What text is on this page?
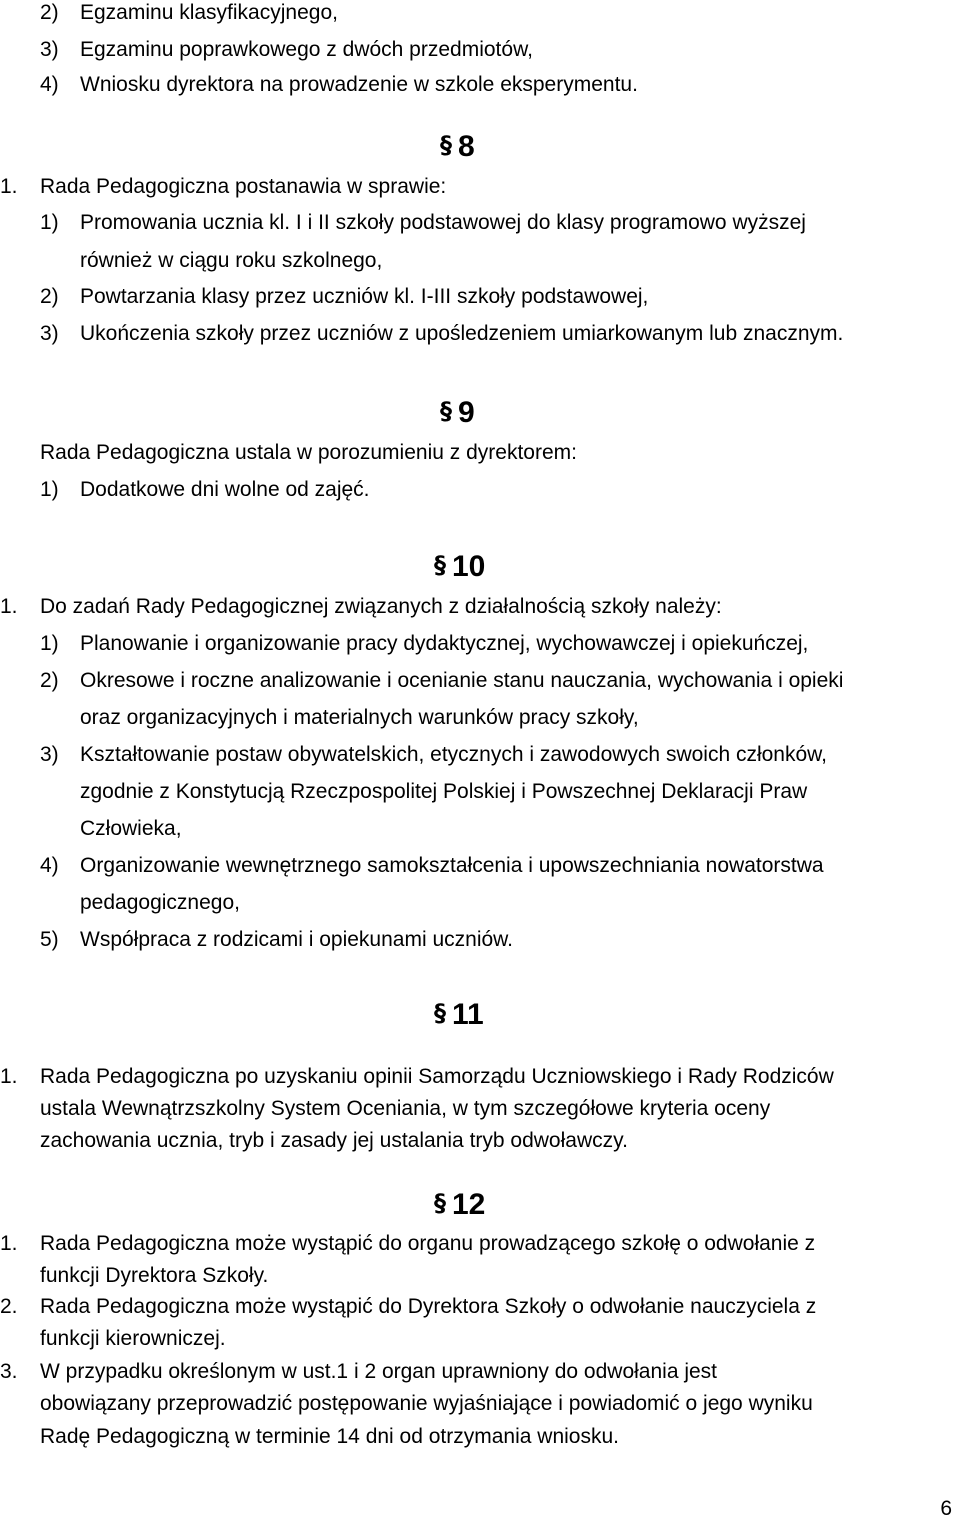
2) Egzaminu klasyfikacyjnego,
3) Egzaminu poprawkowego z dwóch przedmiotów,
4) Wniosku dyrektora na prowadzenie w szkole eksperymentu.
§ 8
1. Rada Pedagogiczna postanawia w sprawie:
1) Promowania ucznia kl. I i II szkoły podstawowej do klasy programowo wyższej
również w ciągu roku szkolnego,
2) Powtarzania klasy przez uczniów kl. I-III szkoły podstawowej,
3) Ukończenia szkoły przez uczniów z upośledzeniem umiarkowanym lub znacznym.
§ 9
Rada Pedagogiczna ustala w porozumieniu z dyrektorem:
1) Dodatkowe dni wolne od zajęć.
§ 10
1. Do zadań Rady Pedagogicznej związanych z działalnością szkoły należy:
1) Planowanie i organizowanie pracy dydaktycznej, wychowawczej i opiekuńczej,
2) Okresowe i roczne analizowanie i ocenianie stanu nauczania, wychowania i opieki
oraz organizacyjnych i materialnych warunków pracy szkoły,
3) Kształtowanie postaw obywatelskich, etycznych i zawodowych swoich członków,
zgodnie z Konstytucją Rzeczpospolitej Polskiej i Powszechnej Deklaracji Praw
Człowieka,
4) Organizowanie wewnętrznego samokształcenia i upowszechniania nowatorstwa
pedagogicznego,
5) Współpraca z rodzicami i opiekunami uczniów.
§ 11
1. Rada Pedagogiczna po uzyskaniu opinii Samorządu Uczniowskiego i Rady Rodziców
ustala Wewnątrzszkolny System Oceniania, w tym szczegółowe kryteria oceny
zachowania ucznia, tryb i zasady jej ustalania tryb odwoławczy.
§ 12
1. Rada Pedagogiczna może wystąpić do organu prowadzącego szkołę o odwołanie z
funkcji Dyrektora Szkoły.
2. Rada Pedagogiczna może wystąpić do Dyrektora Szkoły o odwołanie nauczyciela z
funkcji kierowniczej.
3. W przypadku określonym w ust.1 i 2 organ uprawniony do odwołania jest
obowiązany przeprowadzić postępowanie wyjaśniające i powiadomić o jego wyniku
Radę Pedagogiczną w terminie 14 dni od otrzymania wniosku.
6
